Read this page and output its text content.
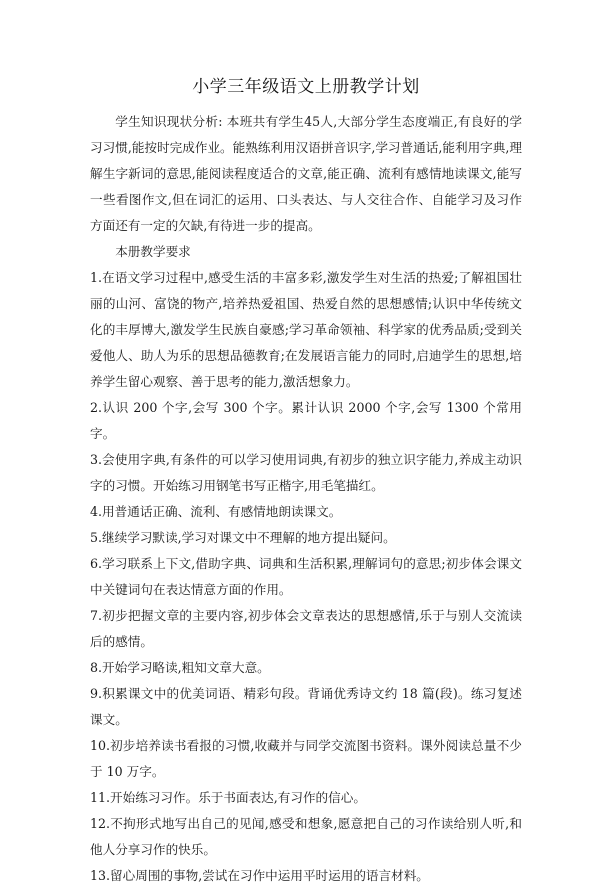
小学三年级语文上册教学计划

学生知识现状分析: 本班共有学生45人,大部分学生态度端正,有良好的学习习惯,能按时完成作业。能熟练利用汉语拼音识字,学习普通话,能利用字典,理解生字新词的意思,能阅读程度适合的文章,能正确、流利有感情地读课文,能写一些看图作文,但在词汇的运用、口头表达、与人交往合作、自能学习及习作方面还有一定的欠缺,有待进一步的提高。

本册教学要求

1.在语文学习过程中,感受生活的丰富多彩,激发学生对生活的热爱;了解祖国壮丽的山河、富饶的物产,培养热爱祖国、热爱自然的思想感情;认识中华传统文化的丰厚博大,激发学生民族自豪感;学习革命领袖、科学家的优秀品质;受到关爱他人、助人为乐的思想品德教育;在发展语言能力的同时,启迪学生的思想,培养学生留心观察、善于思考的能力,激活想象力。
2.认识 200 个字,会写 300 个字。累计认识 2000 个字,会写 1300 个常用字。
3.会使用字典,有条件的可以学习使用词典,有初步的独立识字能力,养成主动识字的习惯。开始练习用钢笔书写正楷字,用毛笔描红。
4.用普通话正确、流利、有感情地朗读课文。
5.继续学习默读,学习对课文中不理解的地方提出疑问。
6.学习联系上下文,借助字典、词典和生活积累,理解词句的意思;初步体会课文中关键词句在表达情意方面的作用。
7.初步把握文章的主要内容,初步体会文章表达的思想感情,乐于与别人交流读后的感情。
8.开始学习略读,粗知文章大意。
9.积累课文中的优美词语、精彩句段。背诵优秀诗文约 18 篇(段)。练习复述课文。
10.初步培养读书看报的习惯,收藏并与同学交流图书资料。课外阅读总量不少于 10 万字。
11.开始练习习作。乐于书面表达,有习作的信心。
12.不拘形式地写出自己的见闻,感受和想象,愿意把自己的习作读给别人听,和他人分享习作的快乐。
13.留心周围的事物,尝试在习作中运用平时运用的语言材料。
